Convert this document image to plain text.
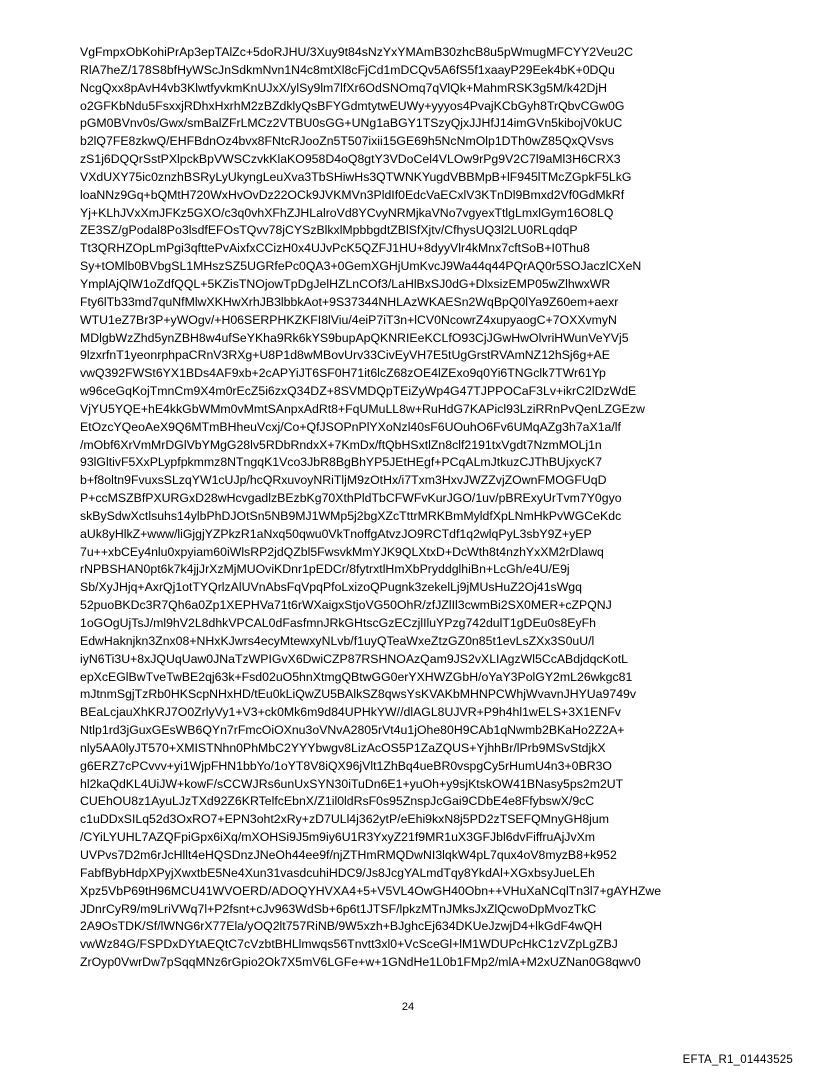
VgFmpxObKohiPrAp3epTAlZc+5doRJHU/3Xuy9t84sNzYxYMAmB30zhcB8u5pWmugMFCYY2Veu2C
RlA7heZ/178S8bfHyWScJnSdkmNvn1N4c8mtXl8cFjCd1mDCQv5A6fS5f1xaayP29Eek4bK+0DQu
NcgQxx8pAvH4vb3KlwtfyvkmKnUJxX/ylSy9lm7lfXr6OdSNOmq7qVlQk+MahmRSK3g5M/k42DjH
o2GFKbNdu5FsxxjRDhxHxrhM2zBZdklyQsBFYGdmtytwEUWy+yyyos4PvajKCbGyh8TrQbvCGw0G
pGM0BVnv0s/Gwx/smBalZFrLMCz2VTBU0sGG+UNg1aBGY1TSzyQjxJJHfJ14imGVn5kibojV0kUC
b2lQ7FE8zkwQ/EHFBdnOz4bvx8FNtcRJooZn5T507ixii15GE69h5NcNmOlp1DTh0wZ85QxQVsvs
zS1j6DQQrSstPXlpckBpVWSCzvkKlaKO958D4oQ8gtY3VDoCel4VLOw9rPg9V2C7l9aMl3H6CRX3
VXdUXY75ic0znzhBSRyLyUkyngLeuXva3TbSHiwHs3QTWNKYugdVBBMpB+lF945lTMcZGpkF5LkG
loaNNz9Gq+bQMtH720WxHvOvDz22OCk9JVKMVn3PldIf0EdcVaECxlV3KTnDl9Bmxd2Vf0GdMkRf
Yj+KLhJVxXmJFKz5GXO/c3q0vhXFhZJHLalroVd8YCvyNRMjkaVNo7vgyexTtlgLmxlGym16O8LQ
ZE3SZ/gPodal8Po3lsdfEFOsTQvv78jCYSzBlkxlMpbbgdtZBlSfXjtv/CfhysUQ3l2LU0RLqdqP
Tt3QRHZOpLmPgi3qfttePvAixfxCCizH0x4UJvPcK5QZFJ1HU+8dyyVlr4kMnx7cftSoB+I0Thu8
Sy+tOMlb0BVbgSL1MHszSZ5UGRfePc0QA3+0GemXGHjUmKvcJ9Wa44q44PQrAQ0r5SOJaczlCXeN
YmplAjQlW1oZdfQQL+5KZisTNOjowTpDgJelHZLnCOf3/LaHlBxSJ0dG+DlxsizEMP05wZlhwxWR
Fty6lTb33md7quNfMlwXKHwXrhJB3lbbkAot+9S37344NHLAzWKAESn2WqBpQ0lYa9Z60em+aexr
WTU1eZ7Br3P+yWOgv/+H06SERPHKZKFI8lViu/4eiP7iT3n+lCV0NcowrZ4xupyaogC+7OXXvmyN
MDlgbWzZhd5ynZBH8w4ufSeYKha9Rk6kYS9bupApQKNRIEeKCLfO93CjJGwHwOlvriHWunVeYVj5
9lzxrfnT1yeonrphpaCRnV3RXg+U8P1d8wMBovUrv33CivEyVH7E5tUgGrstRVAmNZ12hSj6g+AE
vwQ392FWSt6YX1BDs4AF9xb+2cAPYiJT6SF0H71it6lcZ68zOE4lZExo9q0Yi6TNGclk7TWr61Yp
w96ceGqKojTmnCm9X4m0rEcZ5i6zxQ34DZ+8SVMDQpTEiZyWp4G47TJPPOCaF3Lv+ikrC2lDzWdE
VjYU5YQE+hE4kkGbWMm0vMmtSAnpxAdRt8+FqUMuLL8w+RuHdG7KAPicl93LziRRnPvQenLZGEzw
EtOzcYQeoAeX9Q6MTmBHheuVcxj/Co+QfJSOPnPlYXoNzl40sF6UOuhO6Fv6UMqAZg3h7aX1a/lf
/mObf6XrVmMrDGlVbYMgG28lv5RDbRndxX+7KmDx/ftQbHSxtlZn8clf2191txVgdt7NzmMOLj1n
93lGltivF5XxPLypfpkmmz8NTngqK1Vco3JbR8BgBhYP5JEtHEgf+PCqALmJtkuzCJThBUjxycK7
b+f8oltn9FvuxsSLzqYW1cUJp/hcQRxuvoyNRiTljM9zOtHx/i7Txm3HxvJWZZvjZOwnFMOGFUqD
P+ccMSZBfPXURGxD28wHcvgadlzBEzbKg70XthPldTbCFWFvKurJGO/1uv/pBRExyUrTvm7Y0gyo
skBySdwXctlsuhs14ylbPhDJOtSn5NB9MJ1WMp5j2bgXZcTttrMRKBmMyldfXpLNmHkPvWGCeKdc
aUk8yHlkZ+www/liGjgjYZPkzR1aNxq50qwu0VkTnoffgAtvzJO9RCTdf1q2wlqPyL3sbY9Z+yEP
7u++xbCEy4nlu0xpyiam60iWlsRP2jdQZbl5FwsvkMmYJK9QLXtxD+DcWth8t4nzhYxXM2rDlawq
rNPBSHAN0pt6k7k4jjJrXzMjMUOviKDnr1pEDCr/8fytrxtlHmXbPryddglhiBn+LcGh/e4U/E9j
Sb/XyJHjq+AxrQj1otTYQrlzAlUVnAbsFqVpqPfoLxizoQPugnk3zekelLj9jMUsHuZ2Oj41sWgq
52puoBKDc3R7Qh6a0Zp1XEPHVa71t6rWXaigxStjoVG50OhR/zfJZlIl3cwmBi2SX0MER+cZPQNJ
1oGOgUjTsJ/ml9hV2L8dhkVPCAL0dFasfmnJRkGHtscGzECzjlIluYPzg742dulT1gDEu0s8EyFh
EdwHaknjkn3Znx08+NHxKJwrs4ecyMtewxyNLvb/f1uyQTeaWxeZtzGZ0n85t1evLsZXx3S0uU/l
iyN6Ti3U+8xJQUqUaw0JNaTzWPIGvX6DwiCZP87RSHNOAzQam9JS2vXLIAgzWl5CcABdjdqcKotL
epXcEGlBwTveTwBE2qj63k+Fsd02uO5hnXtmgQBtwGG0erYXHWZGbH/oYaY3PolGY2mL26wkgc81
mJtnmSgjTzRb0HKScpNHxHD/tEu0kLiQwZU5BAlkSZ8qwsYsKVAKbMHNPCWhjWvavnJHYUa9749v
BEaLcjauXhKRJ7O0ZrlyVy1+V3+ck0Mk6m9d84UPHkYW//dlAGL8UJVR+P9h4hl1wELS+3X1ENFv
Ntlp1rd3jGuxGEsWB6QYn7rFmcOiOXnu3oVNvA2805rVt4u1jOhe80H9CAb1qNwmb2BKaHo2Z2A+
nly5AA0lyJT570+XMISTNhn0PhMbC2YYYbwgv8LizAcOS5P1ZaZQUS+YjhhBr/lPrb9MSvStdjkX
g6ERZ7cPCvvv+yi1WjpFHN1bbYo/1oYT8V8iQX96jVlt1ZhBq4ueBR0vspgCy5rHumU4n3+0BR3O
hl2kaQdKL4UiJW+kowF/sCCWJRs6unUxSYN30iTuDn6E1+yuOh+y9sjKtskOW41BNasy5ps2m2UT
CUEhOU8z1AyuLJzTXd92Z6KRTelfcEbnX/Z1il0ldRsF0s95ZnspJcGai9CDbE4e8FfybswX/9cC
c1uDDxSILq52d3OxRO7+EPN3oht2xRy+zD7ULl4j362ytP/eEhi9kxN8j5PD2zTSEFQMnyGH8jum
/CYiLYUHL7AZQFpiGpx6iXq/mXOHSi9J5m9iy6U1R3YxyZ21f9MR1uX3GFJbl6dvFiffruAjJvXm
UVPvs7D2m6rJcHllt4eHQSDnzJNeOh44ee9f/njZTHmRMQDwNI3lqkW4pL7qux4oV8myzB8+k952
FabfBybHdpXPyjXwxtbE5Ne4Xun31vasdcuhiHDC9/Js8JcgYALmdTqy8YkdAl+XGxbsyJueLEh
Xpz5VbP69tH96MCU41WVOERD/ADOQYHVXA4+5+V5VL4OwGH40Obn++VHuXaNCqlTn3l7+gAYHZwe
JDnrCyR9/m9LriVWq7l+P2fsnt+cJv963WdSb+6p6t1JTSF/lpkzMTnJMksJxZlQcwoDpMvozTkC
2A9OsTDK/Sf/lWNG6rX77Ela/yOQ2lt757RiNB/9W5xzh+BJghcEj634DKUeJzwjD4+lkGdF4wQH
vwWz84G/FSPDxDYtAEQtC7cVzbtBHLlmwqs56Tnvtt3xl0+VcSceGl+lM1WDUPcHkC1zVZpLgZBJ
ZrOyp0VwrDw7pSqqMNz6rGpio2Ok7X5mV6LGFe+w+1GNdHe1L0b1FMp2/mlA+M2xUZNan0G8qwv0
24
EFTA_R1_01443525
